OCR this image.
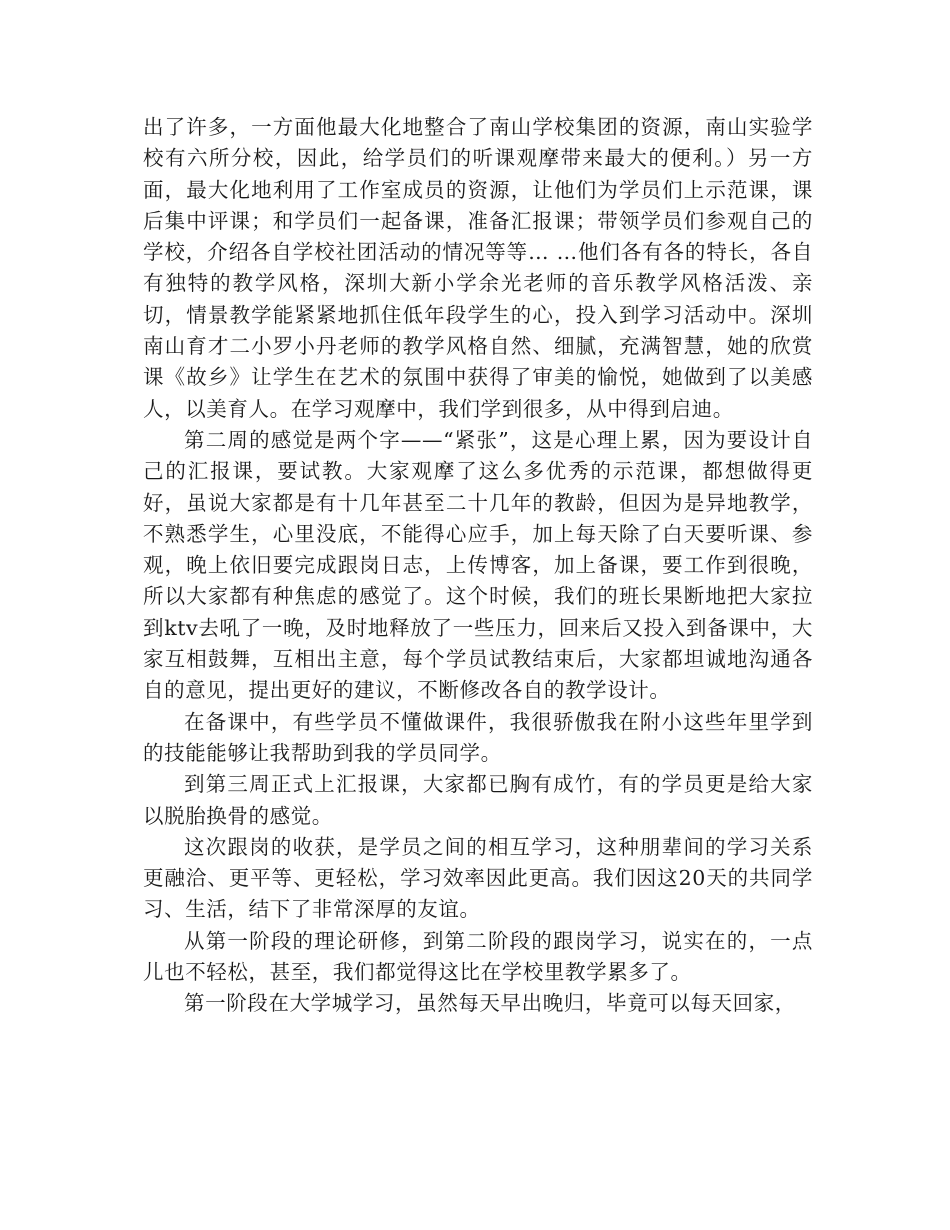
出了许多，一方面他最大化地整合了南山学校集团的资源，南山实验学校有六所分校，因此，给学员们的听课观摩带来最大的便利。）另一方面，最大化地利用了工作室成员的资源，让他们为学员们上示范课，课后集中评课；和学员们一起备课，准备汇报课；带领学员们参观自己的学校，介绍各自学校社团活动的情况等等… …他们各有各的特长，各自有独特的教学风格，深圳大新小学余光老师的音乐教学风格活泼、亲切，情景教学能紧紧地抓住低年段学生的心，投入到学习活动中。深圳南山育才二小罗小丹老师的教学风格自然、细腻，充满智慧，她的欣赏课《故乡》让学生在艺术的氛围中获得了审美的愉悦，她做到了以美感人，以美育人。在学习观摩中，我们学到很多，从中得到启迪。

第二周的感觉是两个字——“紧张”，这是心理上累，因为要设计自己的汇报课，要试教。大家观摩了这么多优秀的示范课，都想做得更好，虽说大家都是有十几年甚至二十几年的教龄，但因为是异地教学，不熟悉学生，心里没底，不能得心应手，加上每天除了白天要听课、参观，晚上依旧要完成跟岗日志，上传博客，加上备课，要工作到很晚，所以大家都有种焦虑的感觉了。这个时候，我们的班长果断地把大家拉到ktv去吼了一晚，及时地释放了一些压力，回来后又投入到备课中，大家互相鼓舞，互相出主意，每个学员试教结束后，大家都坦诚地沟通各自的意见，提出更好的建议，不断修改各自的教学设计。

在备课中，有些学员不懂做课件，我很骄傲我在附小这些年里学到的技能能够让我帮助到我的学员同学。

到第三周正式上汇报课，大家都已胸有成竹，有的学员更是给大家以脱胎换骨的感觉。

这次跟岗的收获，是学员之间的相互学习，这种朋辈间的学习关系更融洽、更平等、更轻松，学习效率因此更高。我们因这20天的共同学习、生活，结下了非常深厚的友谊。

从第一阶段的理论研修，到第二阶段的跟岗学习，说实在的，一点儿也不轻松，甚至，我们都觉得这比在学校里教学累多了。

第一阶段在大学城学习，虽然每天早出晚归，毕竟可以每天回家，
